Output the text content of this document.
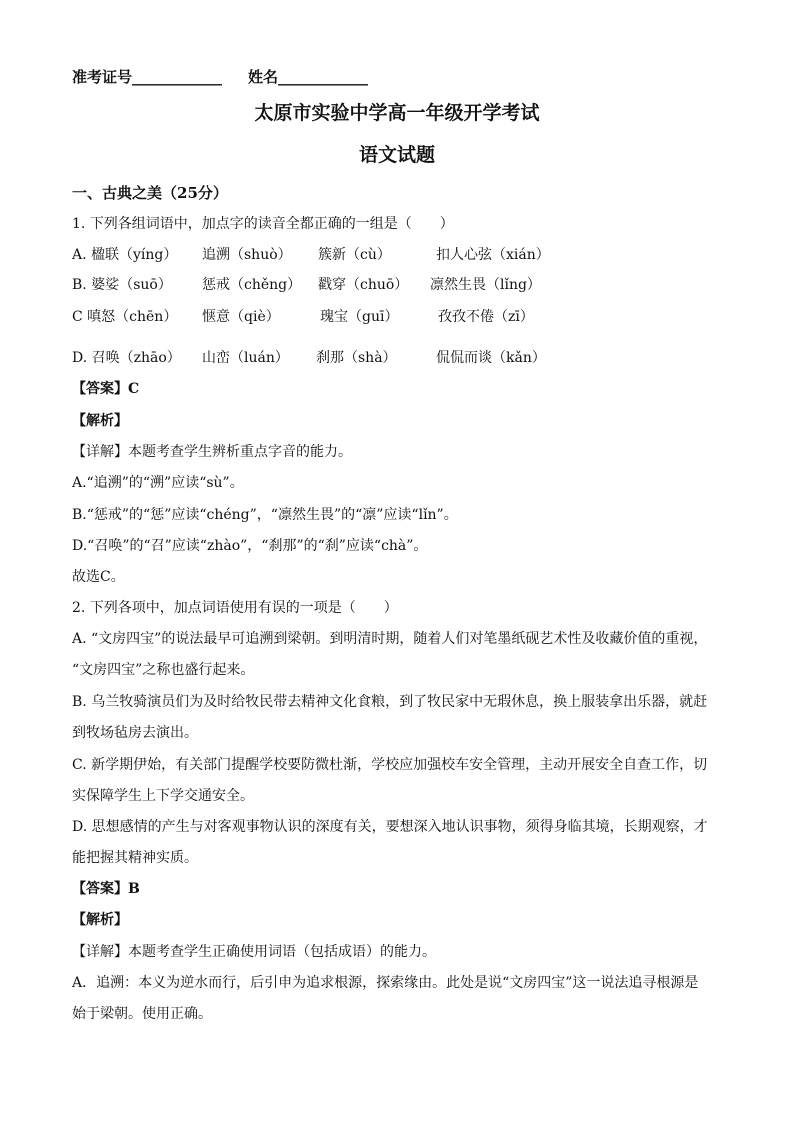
准考证号____________ 姓名____________
太原市实验中学高一年级开学考试
语文试题
一、古典之美（25分）
1. 下列各组词语中，加点字的读音全都正确的一组是（　　）
A. 楹联（yíng） 追溯（shuò） 簇新（cù）	扣人心弦（xián）
B. 婆娑（suō） 惩戒（chěng） 戳穿（chuō） 凛然生畏（lǐng）
C 嗔怒（chēn） 惬意（qiè）	瑰宝（guī）	孜孜不倦（zī）
D. 召唤（zhāo） 山峦（luán） 刹那（shà）	侃侃而谈（kǎn）
【答案】C
【解析】
【详解】本题考查学生辨析重点字音的能力。
A.“追溯”的“溯”应读“sù”。
B.“惩戒”的“惩”应读“chéng”，“凛然生畏”的“凛”应读“lǐn”。
D.“召唤”的“召”应读“zhào”，“刹那”的“刹”应读“chà”。
故选C。
2. 下列各项中，加点词语使用有误的一项是（　　）
A. “文房四宝”的说法最早可追溯到梁朝。到明清时期，随着人们对笔墨纸砚艺术性及收藏价值的重视，
“文房四宝”之称也盛行起来。
B. 乌兰牧骑演员们为及时给牧民带去精神文化食粮，到了牧民家中无瑕休息，换上服装拿出乐器，就赶
到牧场毡房去演出。
C. 新学期伊始，有关部门提醒学校要防微杜渐，学校应加强校车安全管理，主动开展安全自查工作，切
实保障学生上下学交通安全。
D. 思想感情的产生与对客观事物认识的深度有关，要想深入地认识事物，须得身临其境，长期观察，才
能把握其精神实质。
【答案】B
【解析】
【详解】本题考查学生正确使用词语（包括成语）的能力。
A．追溯：本义为逆水而行，后引申为追求根源，探索缘由。此处是说“文房四宝”这一说法追寻根源是
始于梁朝。使用正确。
